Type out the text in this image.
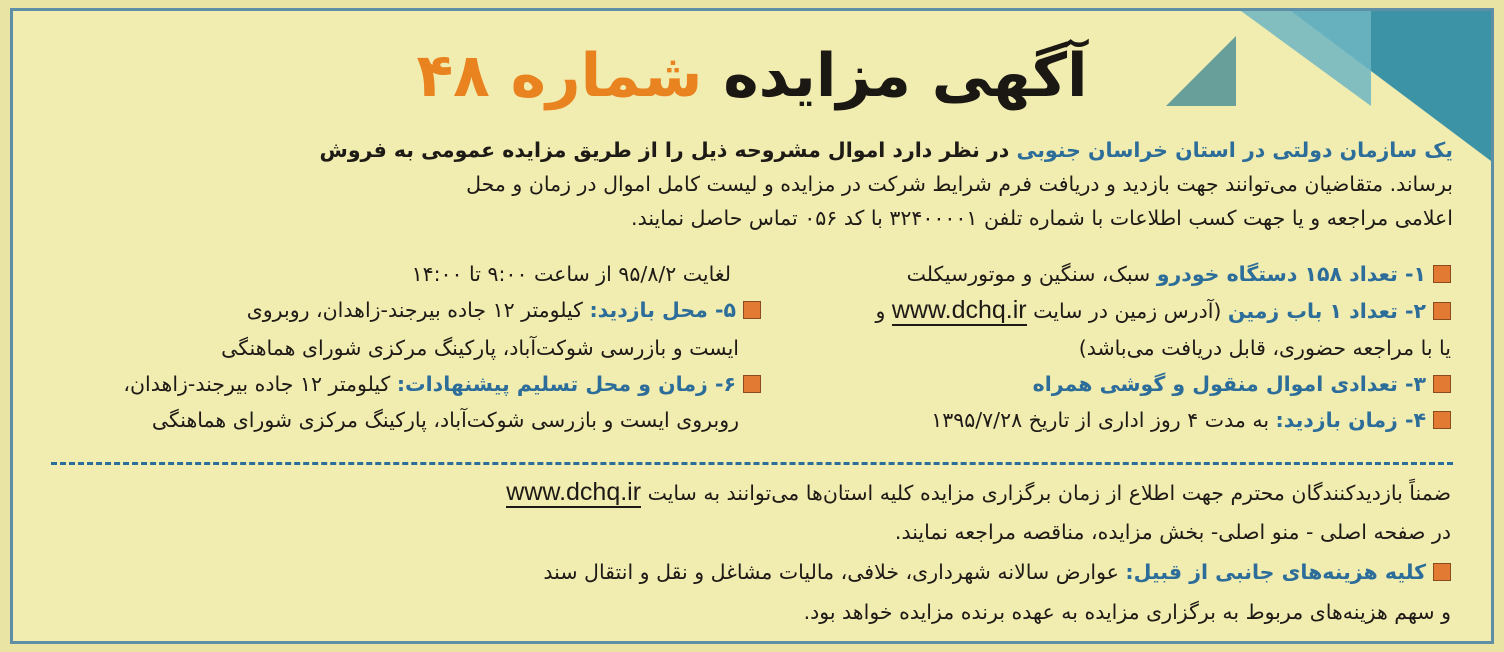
آگهی مزایده شماره ۴۸
یک سازمان دولتی در استان خراسان جنوبی در نظر دارد اموال مشروحه ذیل را از طریق مزایده عمومی به فروش
برساند. متقاضیان می‌توانند جهت بازدید و دریافت فرم شرایط شرکت در مزایده و لیست کامل اموال در زمان و محل
اعلامی مراجعه و یا جهت کسب اطلاعات با شماره تلفن ۳۲۴۰۰۰۰۱ با کد ۰۵۶ تماس حاصل نمایند.
۱- تعداد ۱۵۸ دستگاه خودرو سبک، سنگین و موتورسیکلت
۲- تعداد ۱ باب زمین (آدرس زمین در سایت www.dchq.ir و
یا با مراجعه حضوری، قابل دریافت می‌باشد)
۳- تعدادی اموال منقول و گوشی همراه
۴- زمان بازدید: به مدت ۴ روز اداری از تاریخ ۱۳۹۵/۷/۲۸
لغایت ۹۵/۸/۲ از ساعت ۹:۰۰ تا ۱۴:۰۰
۵- محل بازدید: کیلومتر ۱۲ جاده بیرجند-زاهدان، روبروی
ایست و بازرسی شوکت‌آباد، پارکینگ مرکزی شورای هماهنگی
۶- زمان و محل تسلیم پیشنهادات: کیلومتر ۱۲ جاده بیرجند-زاهدان،
روبروی ایست و بازرسی شوکت‌آباد، پارکینگ مرکزی شورای هماهنگی
ضمناً بازدیدکنندگان محترم جهت اطلاع از زمان برگزاری مزایده کلیه استان‌ها می‌توانند به سایت www.dchq.ir
در صفحه اصلی - منو اصلی- بخش مزایده، مناقصه مراجعه نمایند.
کلیه هزینه‌های جانبی از قبیل: عوارض سالانه شهرداری، خلافی، مالیات مشاغل و نقل و انتقال سند
و سهم هزینه‌های مربوط به برگزاری مزایده به عهده برنده مزایده خواهد بود.
